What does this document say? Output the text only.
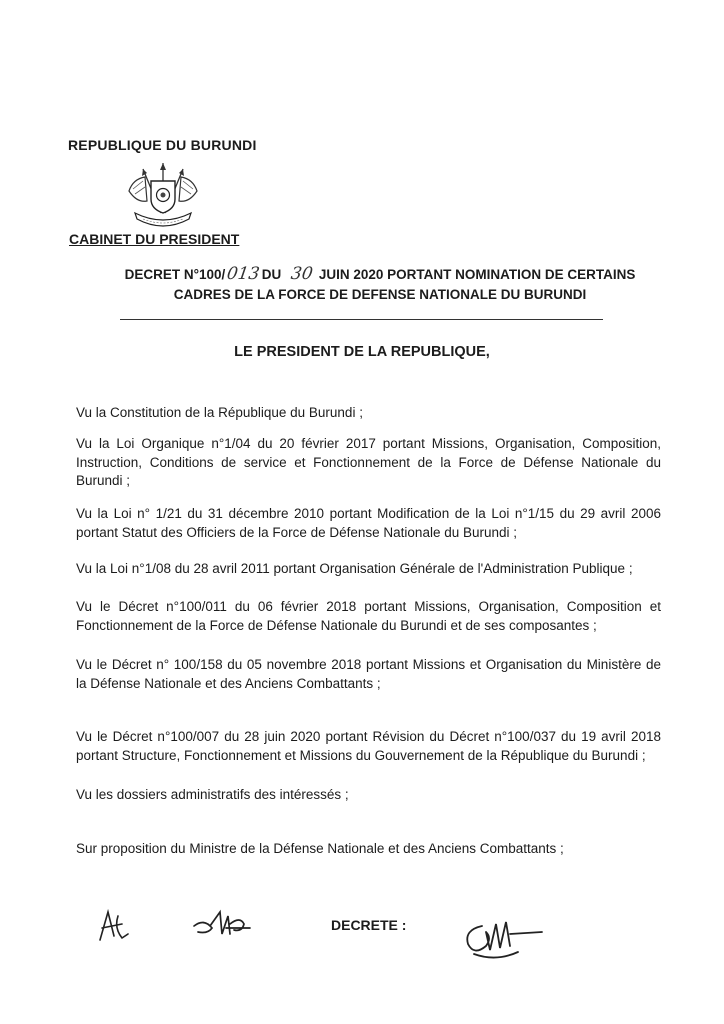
REPUBLIQUE DU BURUNDI
CABINET DU PRESIDENT
DECRET N°100/013DU 30 JUIN 2020 PORTANT NOMINATION DE CERTAINS
CADRES DE LA FORCE DE DEFENSE NATIONALE DU BURUNDI
LE PRESIDENT DE LA REPUBLIQUE,
Vu la Constitution de la République du Burundi ;
Vu la Loi Organique n°1/04 du 20 février 2017 portant Missions, Organisation, Composition, Instruction, Conditions de service et Fonctionnement de la Force de Défense Nationale du Burundi ;
Vu la Loi n° 1/21 du 31 décembre 2010 portant Modification de la Loi n°1/15 du 29 avril 2006 portant Statut des Officiers de la Force de Défense Nationale du Burundi ;
Vu la Loi n°1/08 du 28 avril 2011 portant Organisation Générale de l'Administration Publique ;
Vu le Décret n°100/011 du 06 février 2018 portant Missions, Organisation, Composition et Fonctionnement de la Force de Défense Nationale du Burundi et de ses composantes ;
Vu le Décret n° 100/158 du 05 novembre 2018 portant Missions et Organisation du Ministère de la Défense Nationale et des Anciens Combattants ;
Vu le Décret n°100/007 du 28 juin 2020 portant Révision du Décret n°100/037 du 19 avril 2018 portant Structure, Fonctionnement et Missions du Gouvernement de la République du Burundi ;
Vu les dossiers administratifs des intéressés ;
Sur proposition du Ministre de la Défense Nationale et des Anciens Combattants ;
DECRETE :
